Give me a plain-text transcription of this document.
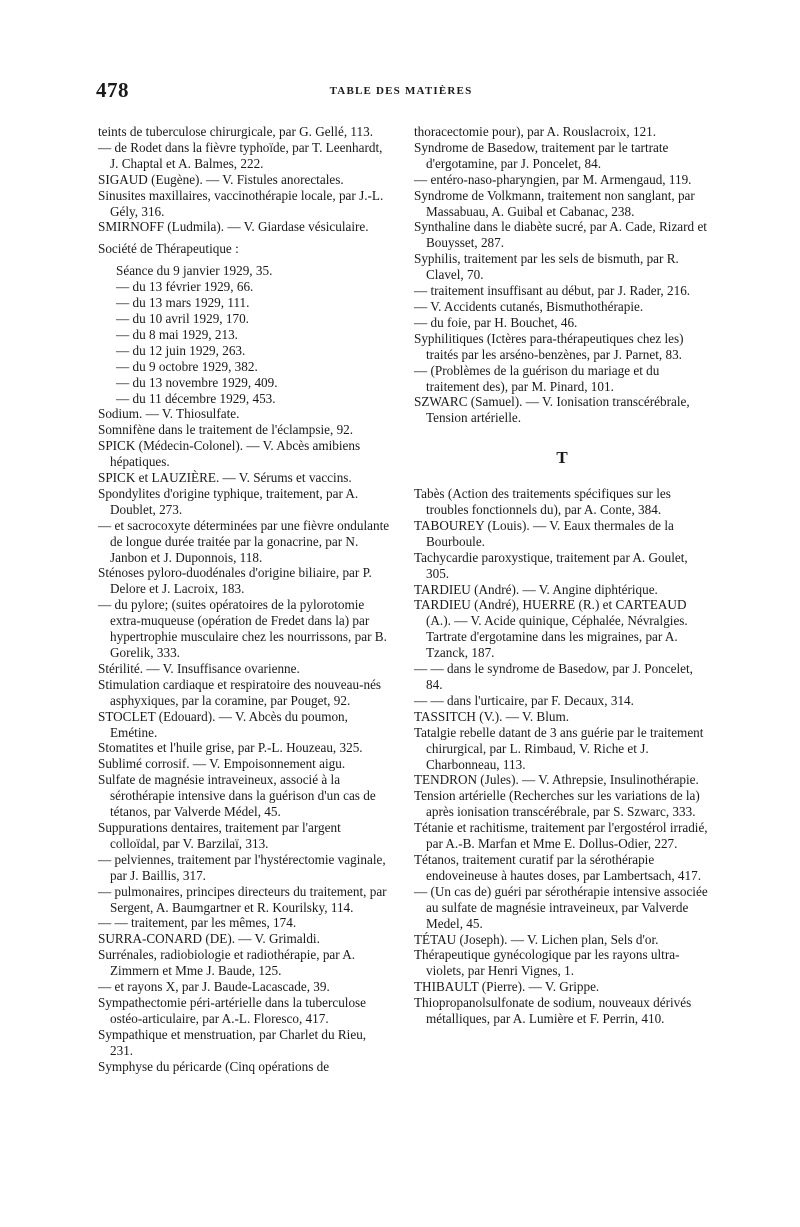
478	TABLE DES MATIÈRES

teints de tuberculose chirurgicale, par G. Gellé, 113.

— de Rodet dans la fièvre typhoïde, par T. Leenhardt, J. Chaptal et A. Balmes, 222.

SIGAUD (Eugène). — V. Fistules anorectales.

Sinusites maxillaires, vaccinothérapie locale, par J.-L. Gély, 316.

SMIRNOFF (Ludmila). — V. Giardase vésiculaire.

Société de Thérapeutique :

Séance du 9 janvier 1929, 35.

— du 13 février 1929, 66.

— du 13 mars 1929, 111.

— du 10 avril 1929, 170.

— du 8 mai 1929, 213.

— du 12 juin 1929, 263.

— du 9 octobre 1929, 382.

— du 13 novembre 1929, 409.

— du 11 décembre 1929, 453.

Sodium. — V. Thiosulfate.

Somnifène dans le traitement de l'éclampsie, 92.

SPICK (Médecin-Colonel). — V. Abcès amibiens hépatiques.

SPICK et LAUZIÈRE. — V. Sérums et vaccins.

Spondylites d'origine typhique, traitement, par A. Doublet, 273.

— et sacrocoxyte déterminées par une fièvre ondulante de longue durée traitée par la gonacrine, par N. Janbon et J. Duponnois, 118.

Sténoses pyloro-duodénales d'origine biliaire, par P. Delore et J. Lacroix, 183.

— du pylore; (suites opératoires de la pylorotomie extra-muqueuse (opération de Fredet dans la) par hypertrophie musculaire chez les nourrissons, par B. Gorelik, 333.

Stérilité. — V. Insuffisance ovarienne.

Stimulation cardiaque et respiratoire des nouveau-nés asphyxiques, par la coramine, par Pouget, 92.

STOCLET (Edouard). — V. Abcès du poumon, Emétine.

Stomatites et l'huile grise, par P.-L. Houzeau, 325.

Sublimé corrosif. — V. Empoisonnement aigu.

Sulfate de magnésie intraveineux, associé à la sérothérapie intensive dans la guérison d'un cas de tétanos, par Valverde Médel, 45.

Suppurations dentaires, traitement par l'argent colloïdal, par V. Barzilaï, 313.

— pelviennes, traitement par l'hystérectomie vaginale, par J. Baillis, 317.

— pulmonaires, principes directeurs du traitement, par Sergent, A. Baumgartner et R. Kourilsky, 114.

— — traitement, par les mêmes, 174.

SURRA-CONARD (DE). — V. Grimaldi.

Surrénales, radiobiologie et radiothérapie, par A. Zimmern et Mme J. Baude, 125.

— et rayons X, par J. Baude-Lacascade, 39.

Sympathectomie péri-artérielle dans la tuberculose ostéo-articulaire, par A.-L. Floresco, 417.

Sympathique et menstruation, par Charlet du Rieu, 231.

Symphyse du péricarde (Cinq opérations de

thoracectomie pour), par A. Rouslacroix, 121.

Syndrome de Basedow, traitement par le tartrate d'ergotamine, par J. Poncelet, 84.

— entéro-naso-pharyngien, par M. Armengaud, 119.

Syndrome de Volkmann, traitement non sanglant, par Massabuau, A. Guibal et Cabanac, 238.

Synthaline dans le diabète sucré, par A. Cade, Rizard et Bouysset, 287.

Syphilis, traitement par les sels de bismuth, par R. Clavel, 70.

— traitement insuffisant au début, par J. Rader, 216.

— V. Accidents cutanés, Bismuthothérapie.

— du foie, par H. Bouchet, 46.

Syphilitiques (Ictères para-thérapeutiques chez les) traités par les arséno-benzènes, par J. Parnet, 83.

— (Problèmes de la guérison du mariage et du traitement des), par M. Pinard, 101.

SZWARC (Samuel). — V. Ionisation transcérébrale, Tension artérielle.

T

Tabès (Action des traitements spécifiques sur les troubles fonctionnels du), par A. Conte, 384.

TABOUREY (Louis). — V. Eaux thermales de la Bourboule.

Tachycardie paroxystique, traitement par A. Goulet, 305.

TARDIEU (André). — V. Angine diphtérique.

TARDIEU (André), HUERRE (R.) et CARTEAUD (A.). — V. Acide quinique, Céphalée, Névralgies. Tartrate d'ergotamine dans les migraines, par A. Tzanck, 187.

— — dans le syndrome de Basedow, par J. Poncelet, 84.

— — dans l'urticaire, par F. Decaux, 314.

TASSITCH (V.). — V. Blum.

Tatalgie rebelle datant de 3 ans guérie par le traitement chirurgical, par L. Rimbaud, V. Riche et J. Charbonneau, 113.

TENDRON (Jules). — V. Athrepsie, Insulinothérapie.

Tension artérielle (Recherches sur les variations de la) après ionisation transcérébrale, par S. Szwarc, 333.

Tétanie et rachitisme, traitement par l'ergostérol irradié, par A.-B. Marfan et Mme E. Dollus-Odier, 227.

Tétanos, traitement curatif par la sérothérapie endoveineuse à hautes doses, par Lambertsach, 417.

— (Un cas de) guéri par sérothérapie intensive associée au sulfate de magnésie intraveineux, par Valverde Medel, 45.

TÉTAU (Joseph). — V. Lichen plan, Sels d'or.

Thérapeutique gynécologique par les rayons ultra-violets, par Henri Vignes, 1.

THIBAULT (Pierre). — V. Grippe.

Thiopropanolsulfonate de sodium, nouveaux dérivés métalliques, par A. Lumière et F. Perrin, 410.
